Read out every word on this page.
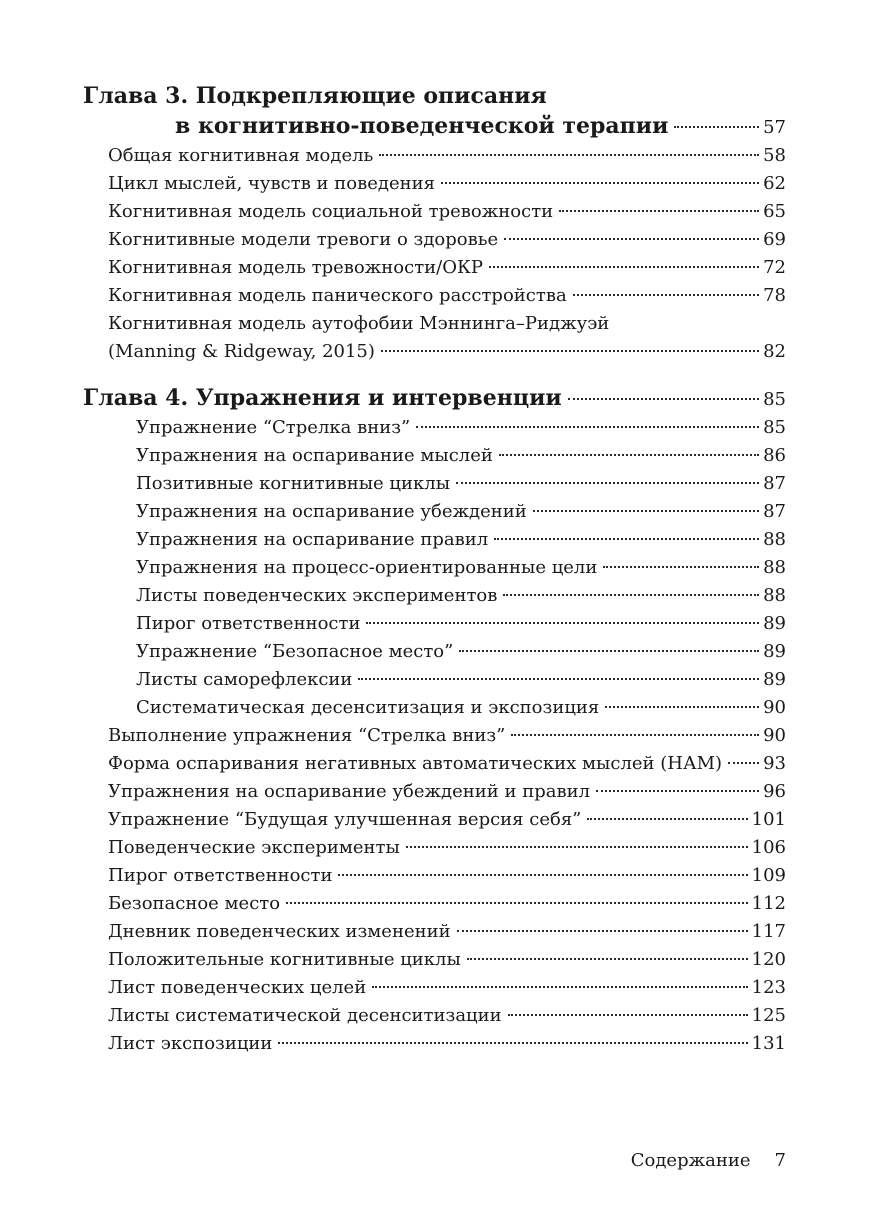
Глава 3. Подкрепляющие описания
в когнитивно-поведенческой терапии	57
Общая когнитивная модель	58
Цикл мыслей, чувств и поведения	62
Когнитивная модель социальной тревожности	65
Когнитивные модели тревоги о здоровье	69
Когнитивная модель тревожности/ОКР	72
Когнитивная модель панического расстройства	78
Когнитивная модель аутофобии Мэннинга–Риджуэй
(Manning & Ridgeway, 2015)	82
Глава 4. Упражнения и интервенции	85
Упражнение “Стрелка вниз”	85
Упражнения на оспаривание мыслей	86
Позитивные когнитивные циклы	87
Упражнения на оспаривание убеждений	87
Упражнения на оспаривание правил	88
Упражнения на процесс-ориентированные цели	88
Листы поведенческих экспериментов	88
Пирог ответственности	89
Упражнение “Безопасное место”	89
Листы саморефлексии	89
Систематическая десенситизация и экспозиция	90
Выполнение упражнения “Стрелка вниз”	90
Форма оспаривания негативных автоматических мыслей (НАМ) 93
Упражнения на оспаривание убеждений и правил	96
Упражнение “Будущая улучшенная версия себя”	101
Поведенческие эксперименты	106
Пирог ответственности	109
Безопасное место	112
Дневник поведенческих изменений	117
Положительные когнитивные циклы	120
Лист поведенческих целей	123
Листы систематической десенситизации	125
Лист экспозиции	131
Содержание 7
